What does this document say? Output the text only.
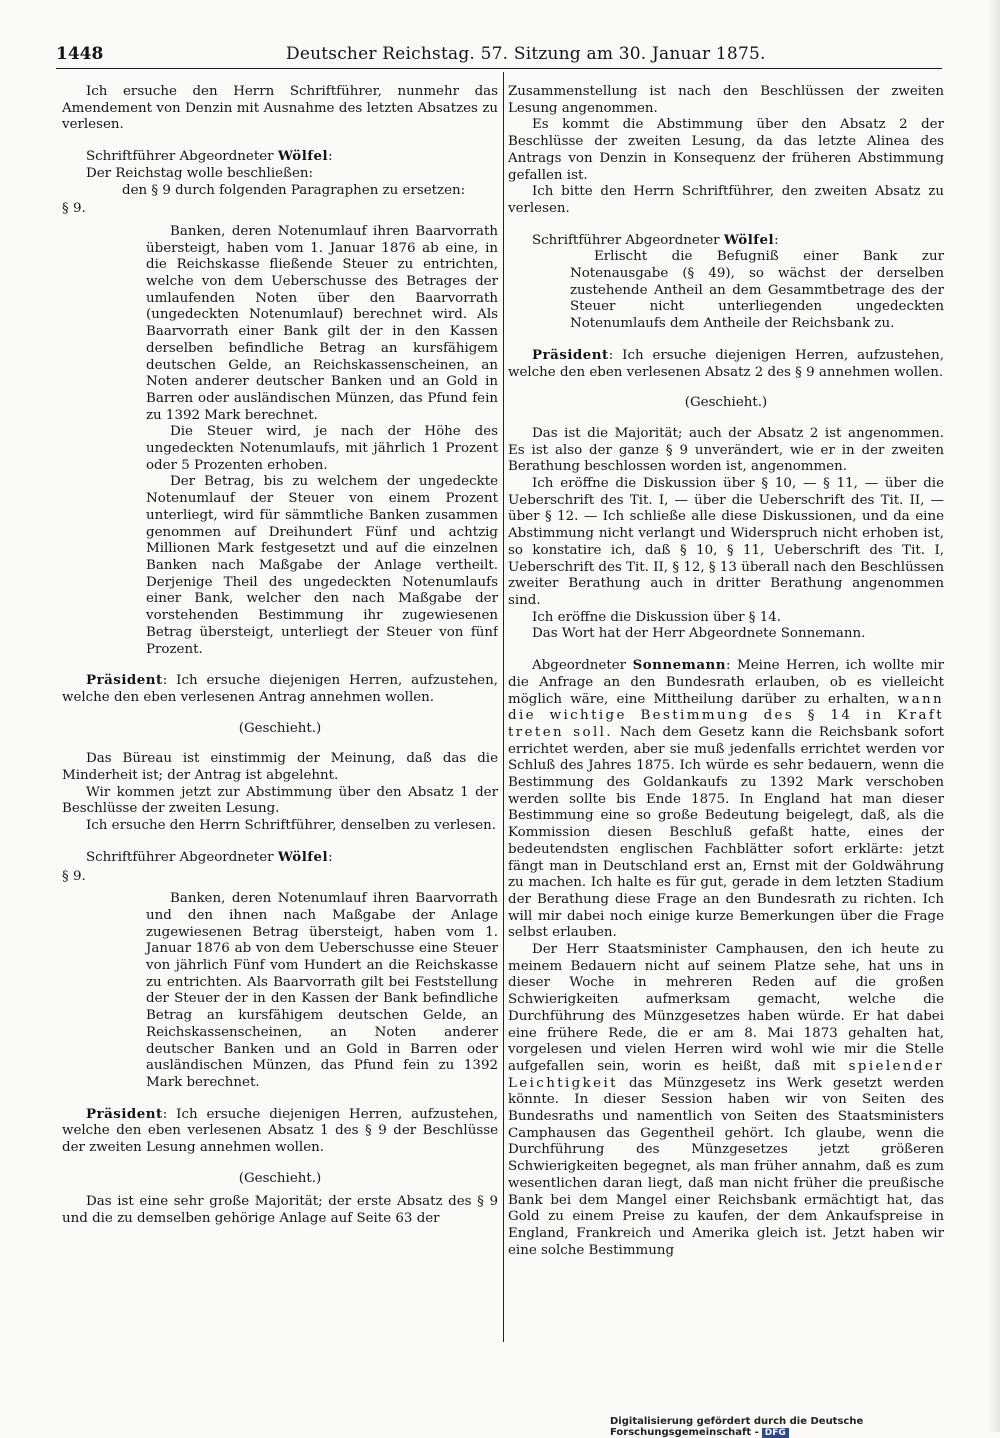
1448	Deutscher Reichstag. 57. Sitzung am 30. Januar 1875.

Ich ersuche den Herrn Schriftführer, nunmehr das Amendement von Denzin mit Ausnahme des letzten Absatzes zu verlesen.

Schriftführer Abgeordneter Wölfel:

Der Reichstag wolle beschließen:

den § 9 durch folgenden Paragraphen zu ersetzen:

§ 9.

Banken, deren Notenumlauf ihren Baarvorrath übersteigt, haben vom 1. Januar 1876 ab eine, in die Reichskasse fließende Steuer zu entrichten, welche von dem Ueberschusse des Betrages der umlaufenden Noten über den Baarvorrath (ungedeckten Notenumlauf) berechnet wird. Als Baarvorrath einer Bank gilt der in den Kassen derselben befindliche Betrag an kursfähigem deutschen Gelde, an Reichskassenscheinen, an Noten anderer deutscher Banken und an Gold in Barren oder ausländischen Münzen, das Pfund fein zu 1392 Mark berechnet.

Die Steuer wird, je nach der Höhe des ungedeckten Notenumlaufs, mit jährlich 1 Prozent oder 5 Prozenten erhoben.

Der Betrag, bis zu welchem der ungedeckte Notenumlauf der Steuer von einem Prozent unterliegt, wird für sämmtliche Banken zusammen genommen auf Dreihundert Fünf und achtzig Millionen Mark festgesetzt und auf die einzelnen Banken nach Maßgabe der Anlage vertheilt. Derjenige Theil des ungedeckten Notenumlaufs einer Bank, welcher den nach Maßgabe der vorstehenden Bestimmung ihr zugewiesenen Betrag übersteigt, unterliegt der Steuer von fünf Prozent.

Präsident: Ich ersuche diejenigen Herren, aufzustehen, welche den eben verlesenen Antrag annehmen wollen.

(Geschieht.)

Das Büreau ist einstimmig der Meinung, daß das die Minderheit ist; der Antrag ist abgelehnt.

Wir kommen jetzt zur Abstimmung über den Absatz 1 der Beschlüsse der zweiten Lesung.

Ich ersuche den Herrn Schriftführer, denselben zu verlesen.

Schriftführer Abgeordneter Wölfel:

§ 9.

Banken, deren Notenumlauf ihren Baarvorrath und den ihnen nach Maßgabe der Anlage zugewiesenen Betrag übersteigt, haben vom 1. Januar 1876 ab von dem Ueberschusse eine Steuer von jährlich Fünf vom Hundert an die Reichskasse zu entrichten. Als Baarvorrath gilt bei Feststellung der Steuer der in den Kassen der Bank befindliche Betrag an kursfähigem deutschen Gelde, an Reichskassenscheinen, an Noten anderer deutscher Banken und an Gold in Barren oder ausländischen Münzen, das Pfund fein zu 1392 Mark berechnet.

Präsident: Ich ersuche diejenigen Herren, aufzustehen, welche den eben verlesenen Absatz 1 des § 9 der Beschlüsse der zweiten Lesung annehmen wollen.

(Geschieht.)

Das ist eine sehr große Majorität; der erste Absatz des § 9 und die zu demselben gehörige Anlage auf Seite 63 der

Zusammenstellung ist nach den Beschlüssen der zweiten Lesung angenommen.

Es kommt die Abstimmung über den Absatz 2 der Beschlüsse der zweiten Lesung, da das letzte Alinea des Antrags von Denzin in Konsequenz der früheren Abstimmung gefallen ist.

Ich bitte den Herrn Schriftführer, den zweiten Absatz zu verlesen.

Schriftführer Abgeordneter Wölfel:

Erlischt die Befugniß einer Bank zur Notenausgabe (§ 49), so wächst der derselben zustehende Antheil an dem Gesammtbetrage des der Steuer nicht unterliegenden ungedeckten Notenumlaufs dem Antheile der Reichsbank zu.

Präsident: Ich ersuche diejenigen Herren, aufzustehen, welche den eben verlesenen Absatz 2 des § 9 annehmen wollen.

(Geschieht.)

Das ist die Majorität; auch der Absatz 2 ist angenommen. Es ist also der ganze § 9 unverändert, wie er in der zweiten Berathung beschlossen worden ist, angenommen.

Ich eröffne die Diskussion über § 10, — § 11, — über die Ueberschrift des Tit. I, — über die Ueberschrift des Tit. II, — über § 12. — Ich schließe alle diese Diskussionen, und da eine Abstimmung nicht verlangt und Widerspruch nicht erhoben ist, so konstatire ich, daß § 10, § 11, Ueberschrift des Tit. I, Ueberschrift des Tit. II, § 12, § 13 überall nach den Beschlüssen zweiter Berathung auch in dritter Berathung angenommen sind.

Ich eröffne die Diskussion über § 14.

Das Wort hat der Herr Abgeordnete Sonnemann.

Abgeordneter Sonnemann: Meine Herren, ich wollte mir die Anfrage an den Bundesrath erlauben, ob es vielleicht möglich wäre, eine Mittheilung darüber zu erhalten, wann die wichtige Bestimmung des § 14 in Kraft treten soll. Nach dem Gesetz kann die Reichsbank sofort errichtet werden, aber sie muß jedenfalls errichtet werden vor Schluß des Jahres 1875. Ich würde es sehr bedauern, wenn die Bestimmung des Goldankaufs zu 1392 Mark verschoben werden sollte bis Ende 1875. In England hat man dieser Bestimmung eine so große Bedeutung beigelegt, daß, als die Kommission diesen Beschluß gefaßt hatte, eines der bedeutendsten englischen Fachblätter sofort erklärte: jetzt fängt man in Deutschland erst an, Ernst mit der Goldwährung zu machen. Ich halte es für gut, gerade in dem letzten Stadium der Berathung diese Frage an den Bundesrath zu richten. Ich will mir dabei noch einige kurze Bemerkungen über die Frage selbst erlauben.

Der Herr Staatsminister Camphausen, den ich heute zu meinem Bedauern nicht auf seinem Platze sehe, hat uns in dieser Woche in mehreren Reden auf die großen Schwierigkeiten aufmerksam gemacht, welche die Durchführung des Münzgesetzes haben würde. Er hat dabei eine frühere Rede, die er am 8. Mai 1873 gehalten hat, vorgelesen und vielen Herren wird wohl wie mir die Stelle aufgefallen sein, worin es heißt, daß mit spielender Leichtigkeit das Münzgesetz ins Werk gesetzt werden könnte. In dieser Session haben wir von Seiten des Bundesraths und namentlich von Seiten des Staatsministers Camphausen das Gegentheil gehört. Ich glaube, wenn die Durchführung des Münzgesetzes jetzt größeren Schwierigkeiten begegnet, als man früher annahm, daß es zum wesentlichen daran liegt, daß man nicht früher die preußische Bank bei dem Mangel einer Reichsbank ermächtigt hat, das Gold zu einem Preise zu kaufen, der dem Ankaufspreise in England, Frankreich und Amerika gleich ist. Jetzt haben wir eine solche Bestimmung

Digitalisierung gefördert durch die Deutsche Forschungsgemeinschaft - DFG
